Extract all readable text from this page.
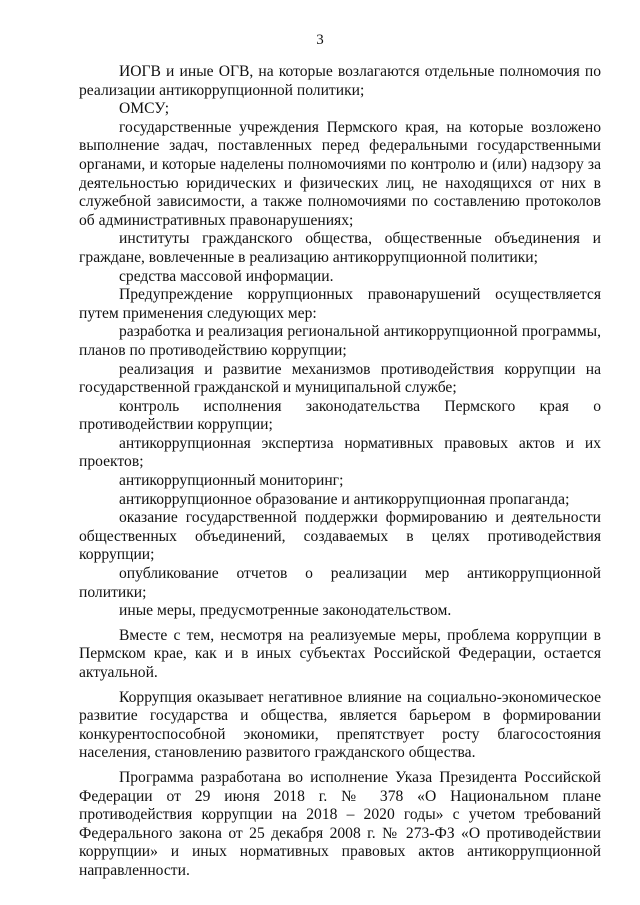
3

ИОГВ и иные ОГВ, на которые возлагаются отдельные полномочия по реализации антикоррупционной политики;

ОМСУ;

государственные учреждения Пермского края, на которые возложено выполнение задач, поставленных перед федеральными государственными органами, и которые наделены полномочиями по контролю и (или) надзору за деятельностью юридических и физических лиц, не находящихся от них в служебной зависимости, а также полномочиями по составлению протоколов об административных правонарушениях;

институты гражданского общества, общественные объединения и граждане, вовлеченные в реализацию антикоррупционной политики;

средства массовой информации.

Предупреждение коррупционных правонарушений осуществляется путем применения следующих мер:

разработка и реализация региональной антикоррупционной программы, планов по противодействию коррупции;

реализация и развитие механизмов противодействия коррупции на государственной гражданской и муниципальной службе;

контроль исполнения законодательства Пермского края о противодействии коррупции;

антикоррупционная экспертиза нормативных правовых актов и их проектов;

антикоррупционный мониторинг;

антикоррупционное образование и антикоррупционная пропаганда;

оказание государственной поддержки формированию и деятельности общественных объединений, создаваемых в целях противодействия коррупции;

опубликование отчетов о реализации мер антикоррупционной политики;

иные меры, предусмотренные законодательством.

Вместе с тем, несмотря на реализуемые меры, проблема коррупции в Пермском крае, как и в иных субъектах Российской Федерации, остается актуальной.

Коррупция оказывает негативное влияние на социально-экономическое развитие государства и общества, является барьером в формировании конкурентоспособной экономики, препятствует росту благосостояния населения, становлению развитого гражданского общества.

Программа разработана во исполнение Указа Президента Российской Федерации от 29 июня 2018 г. № 378 «О Национальном плане противодействия коррупции на 2018 – 2020 годы» с учетом требований Федерального закона от 25 декабря 2008 г. № 273-ФЗ «О противодействии коррупции» и иных нормативных правовых актов антикоррупционной направленности.
